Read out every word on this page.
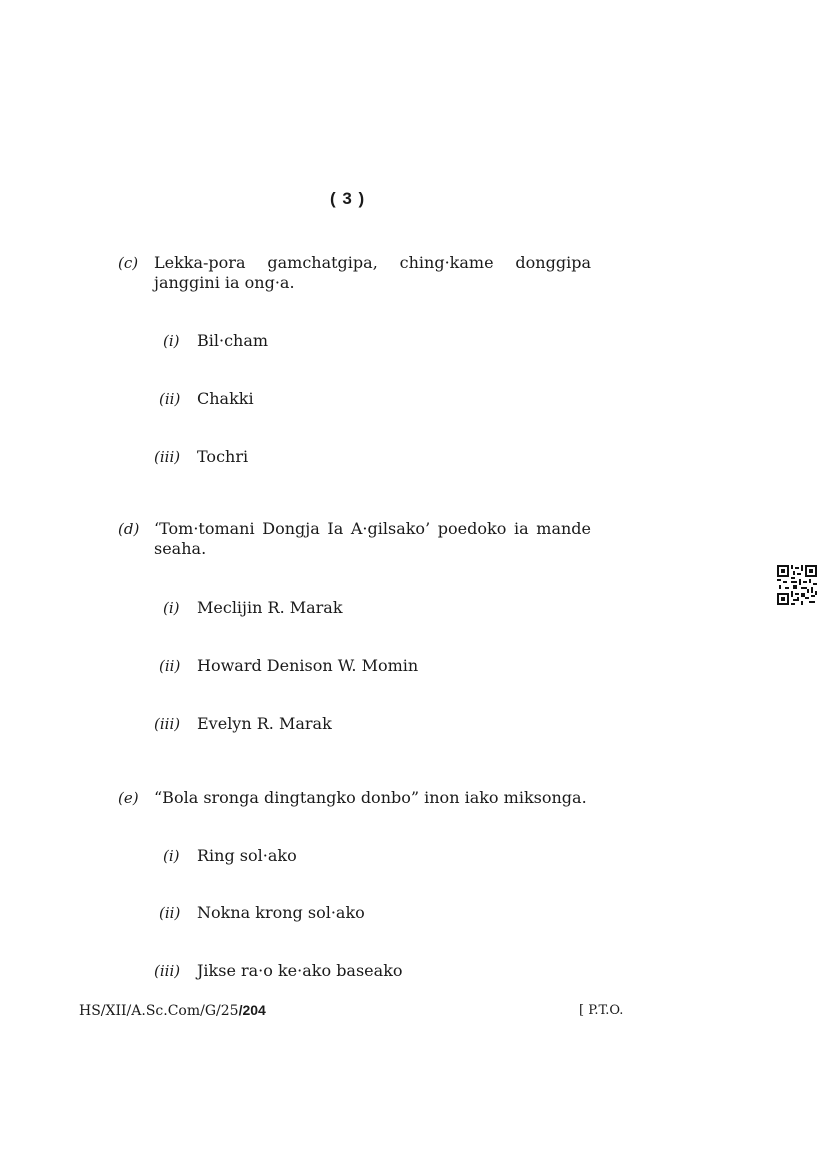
( 3 )
(c) Lekka-pora gamchatgipa, ching·kame donggipa
janggini ia ong·a.
(i) Bil·cham
(ii) Chakki
(iii) Tochri
(d) ‘Tom·tomani Dongja Ia A·gilsako’ poedoko ia mande
seaha.
(i) Meclijin R. Marak
(ii) Howard Denison W. Momin
(iii) Evelyn R. Marak
(e) “Bola sronga dingtangko donbo” inon iako miksonga.
(i) Ring sol·ako
(ii) Nokna krong sol·ako
(iii) Jikse ra·o ke·ako baseako
HS/XII/A.Sc.Com/G/25/204	[ P.T.O.
